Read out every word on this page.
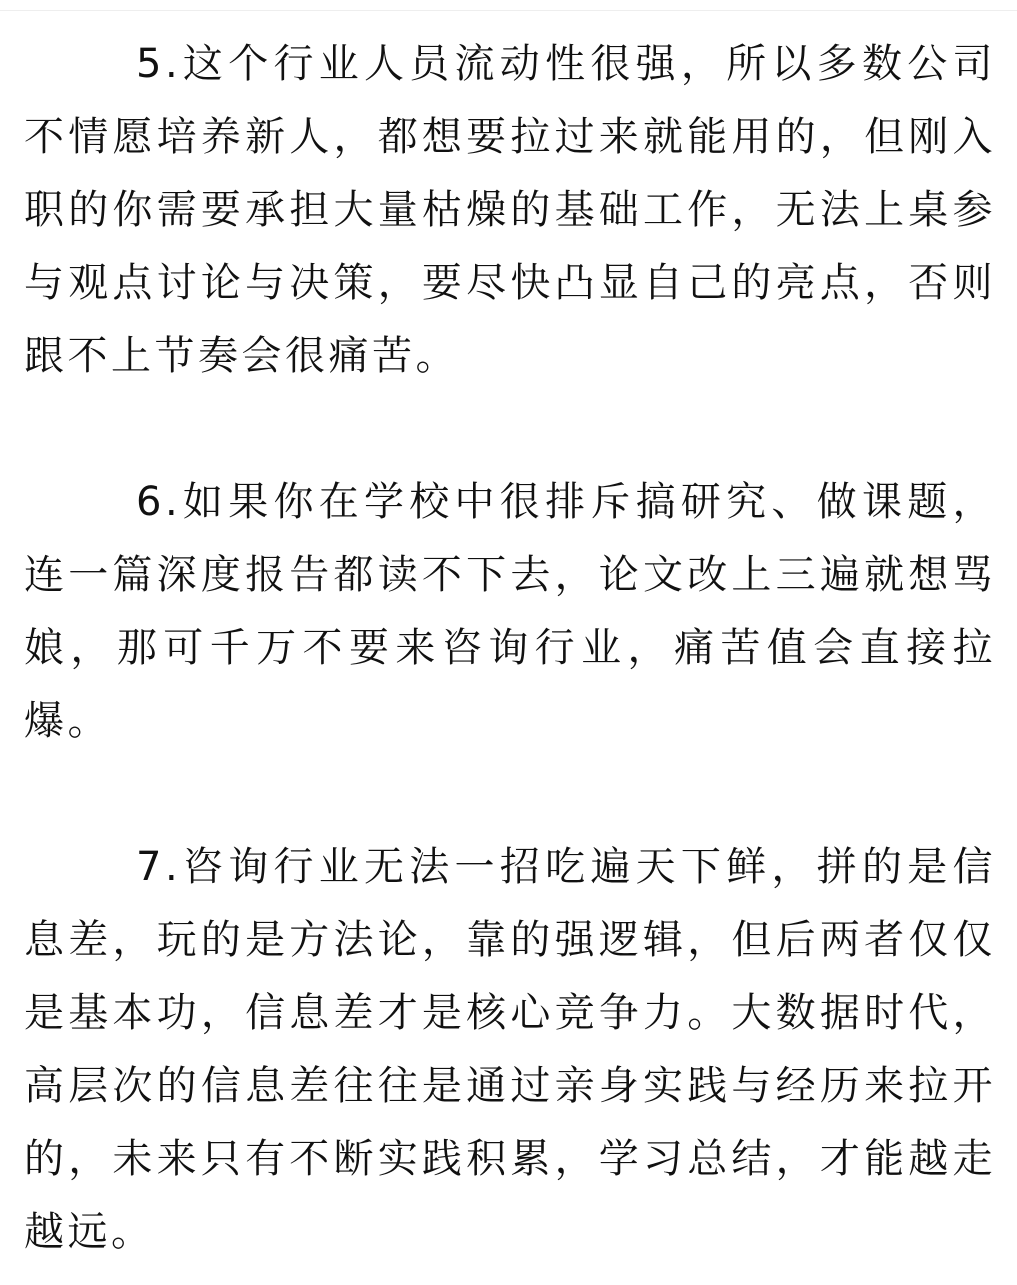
5.这个行业人员流动性很强，所以多数公司不情愿培养新人，都想要拉过来就能用的，但刚入职的你需要承担大量枯燥的基础工作，无法上桌参与观点讨论与决策，要尽快凸显自己的亮点，否则跟不上节奏会很痛苦。

6.如果你在学校中很排斥搞研究、做课题，连一篇深度报告都读不下去，论文改上三遍就想骂娘，那可千万不要来咨询行业，痛苦值会直接拉爆。

7.咨询行业无法一招吃遍天下鲜，拼的是信息差，玩的是方法论，靠的强逻辑，但后两者仅仅是基本功，信息差才是核心竞争力。大数据时代，高层次的信息差往往是通过亲身实践与经历来拉开的，未来只有不断实践积累，学习总结，才能越走越远。
